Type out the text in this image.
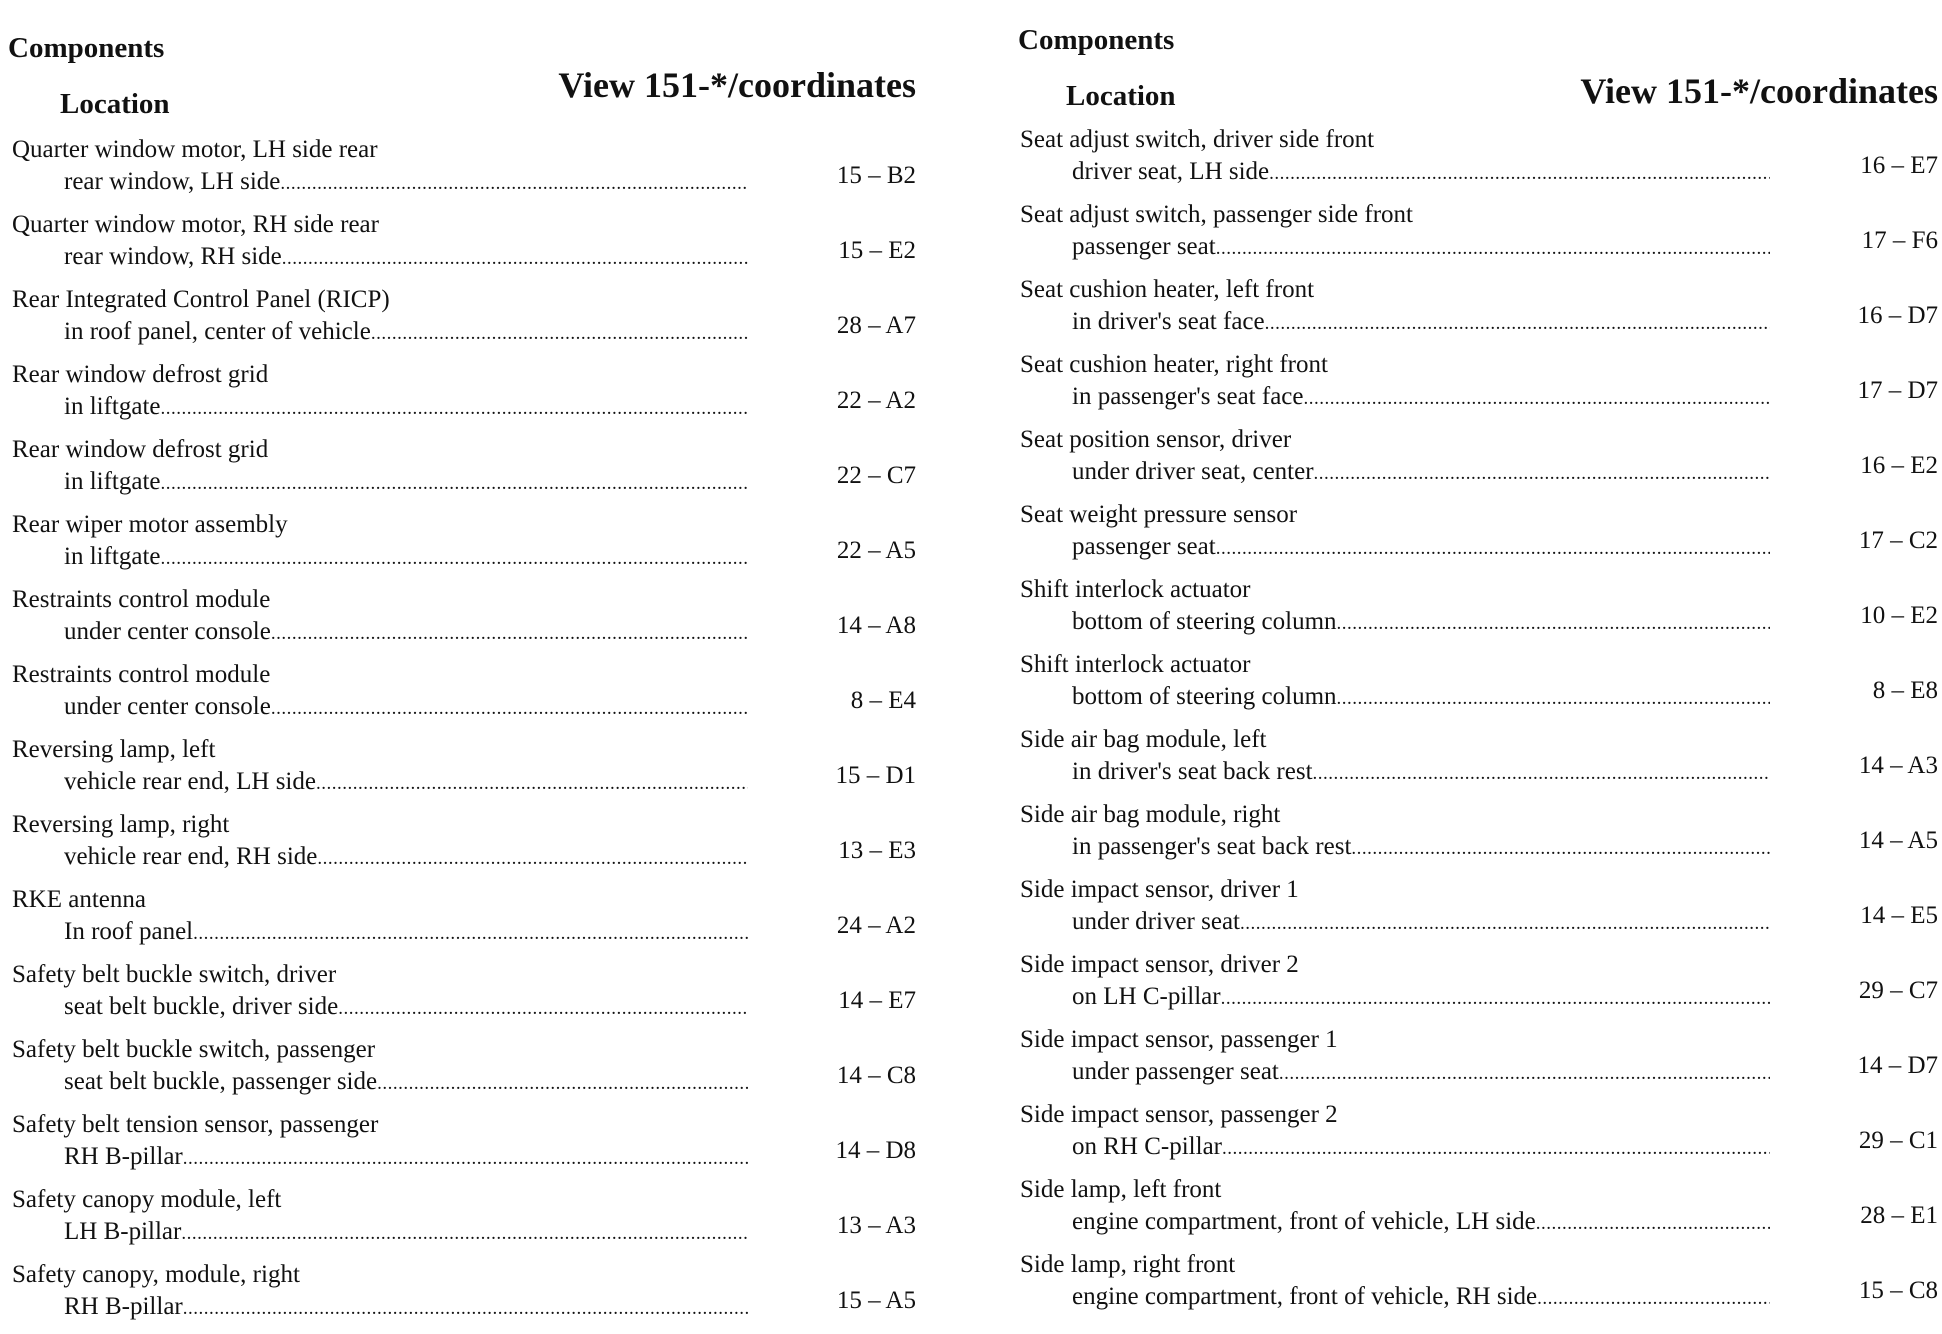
Components
Location	View 151-*/coordinates
Quarter window motor, LH side rear
rear window, LH side .....	15 – B2
Quarter window motor, RH side rear
rear window, RH side .....	15 – E2
Rear Integrated Control Panel (RICP)
in roof panel, center of vehicle .....	28 – A7
Rear window defrost grid
in liftgate .....	22 – A2
Rear window defrost grid
in liftgate .....	22 – C7
Rear wiper motor assembly
in liftgate .....	22 – A5
Restraints control module
under center console .....	14 – A8
Restraints control module
under center console .....	8 – E4
Reversing lamp, left
vehicle rear end, LH side .....	15 – D1
Reversing lamp, right
vehicle rear end, RH side .....	13 – E3
RKE antenna
In roof panel .....	24 – A2
Safety belt buckle switch, driver
seat belt buckle, driver side .....	14 – E7
Safety belt buckle switch, passenger
seat belt buckle, passenger side .....	14 – C8
Safety belt tension sensor, passenger
RH B-pillar .....	14 – D8
Safety canopy module, left
LH B-pillar .....	13 – A3
Safety canopy, module, right
RH B-pillar .....	15 – A5
Components
Location	View 151-*/coordinates
Seat adjust switch, driver side front
driver seat, LH side .....	16 – E7
Seat adjust switch, passenger side front
passenger seat .....	17 – F6
Seat cushion heater, left front
in driver's seat face .....	16 – D7
Seat cushion heater, right front
in passenger's seat face .....	17 – D7
Seat position sensor, driver
under driver seat, center .....	16 – E2
Seat weight pressure sensor
passenger seat .....	17 – C2
Shift interlock actuator
bottom of steering column .....	10 – E2
Shift interlock actuator
bottom of steering column .....	8 – E8
Side air bag module, left
in driver's seat back rest .....	14 – A3
Side air bag module, right
in passenger's seat back rest .....	14 – A5
Side impact sensor, driver 1
under driver seat .....	14 – E5
Side impact sensor, driver 2
on LH C-pillar .....	29 – C7
Side impact sensor, passenger 1
under passenger seat .....	14 – D7
Side impact sensor, passenger 2
on RH C-pillar .....	29 – C1
Side lamp, left front
engine compartment, front of vehicle, LH side .....	28 – E1
Side lamp, right front
engine compartment, front of vehicle, RH side .....	15 – C8
